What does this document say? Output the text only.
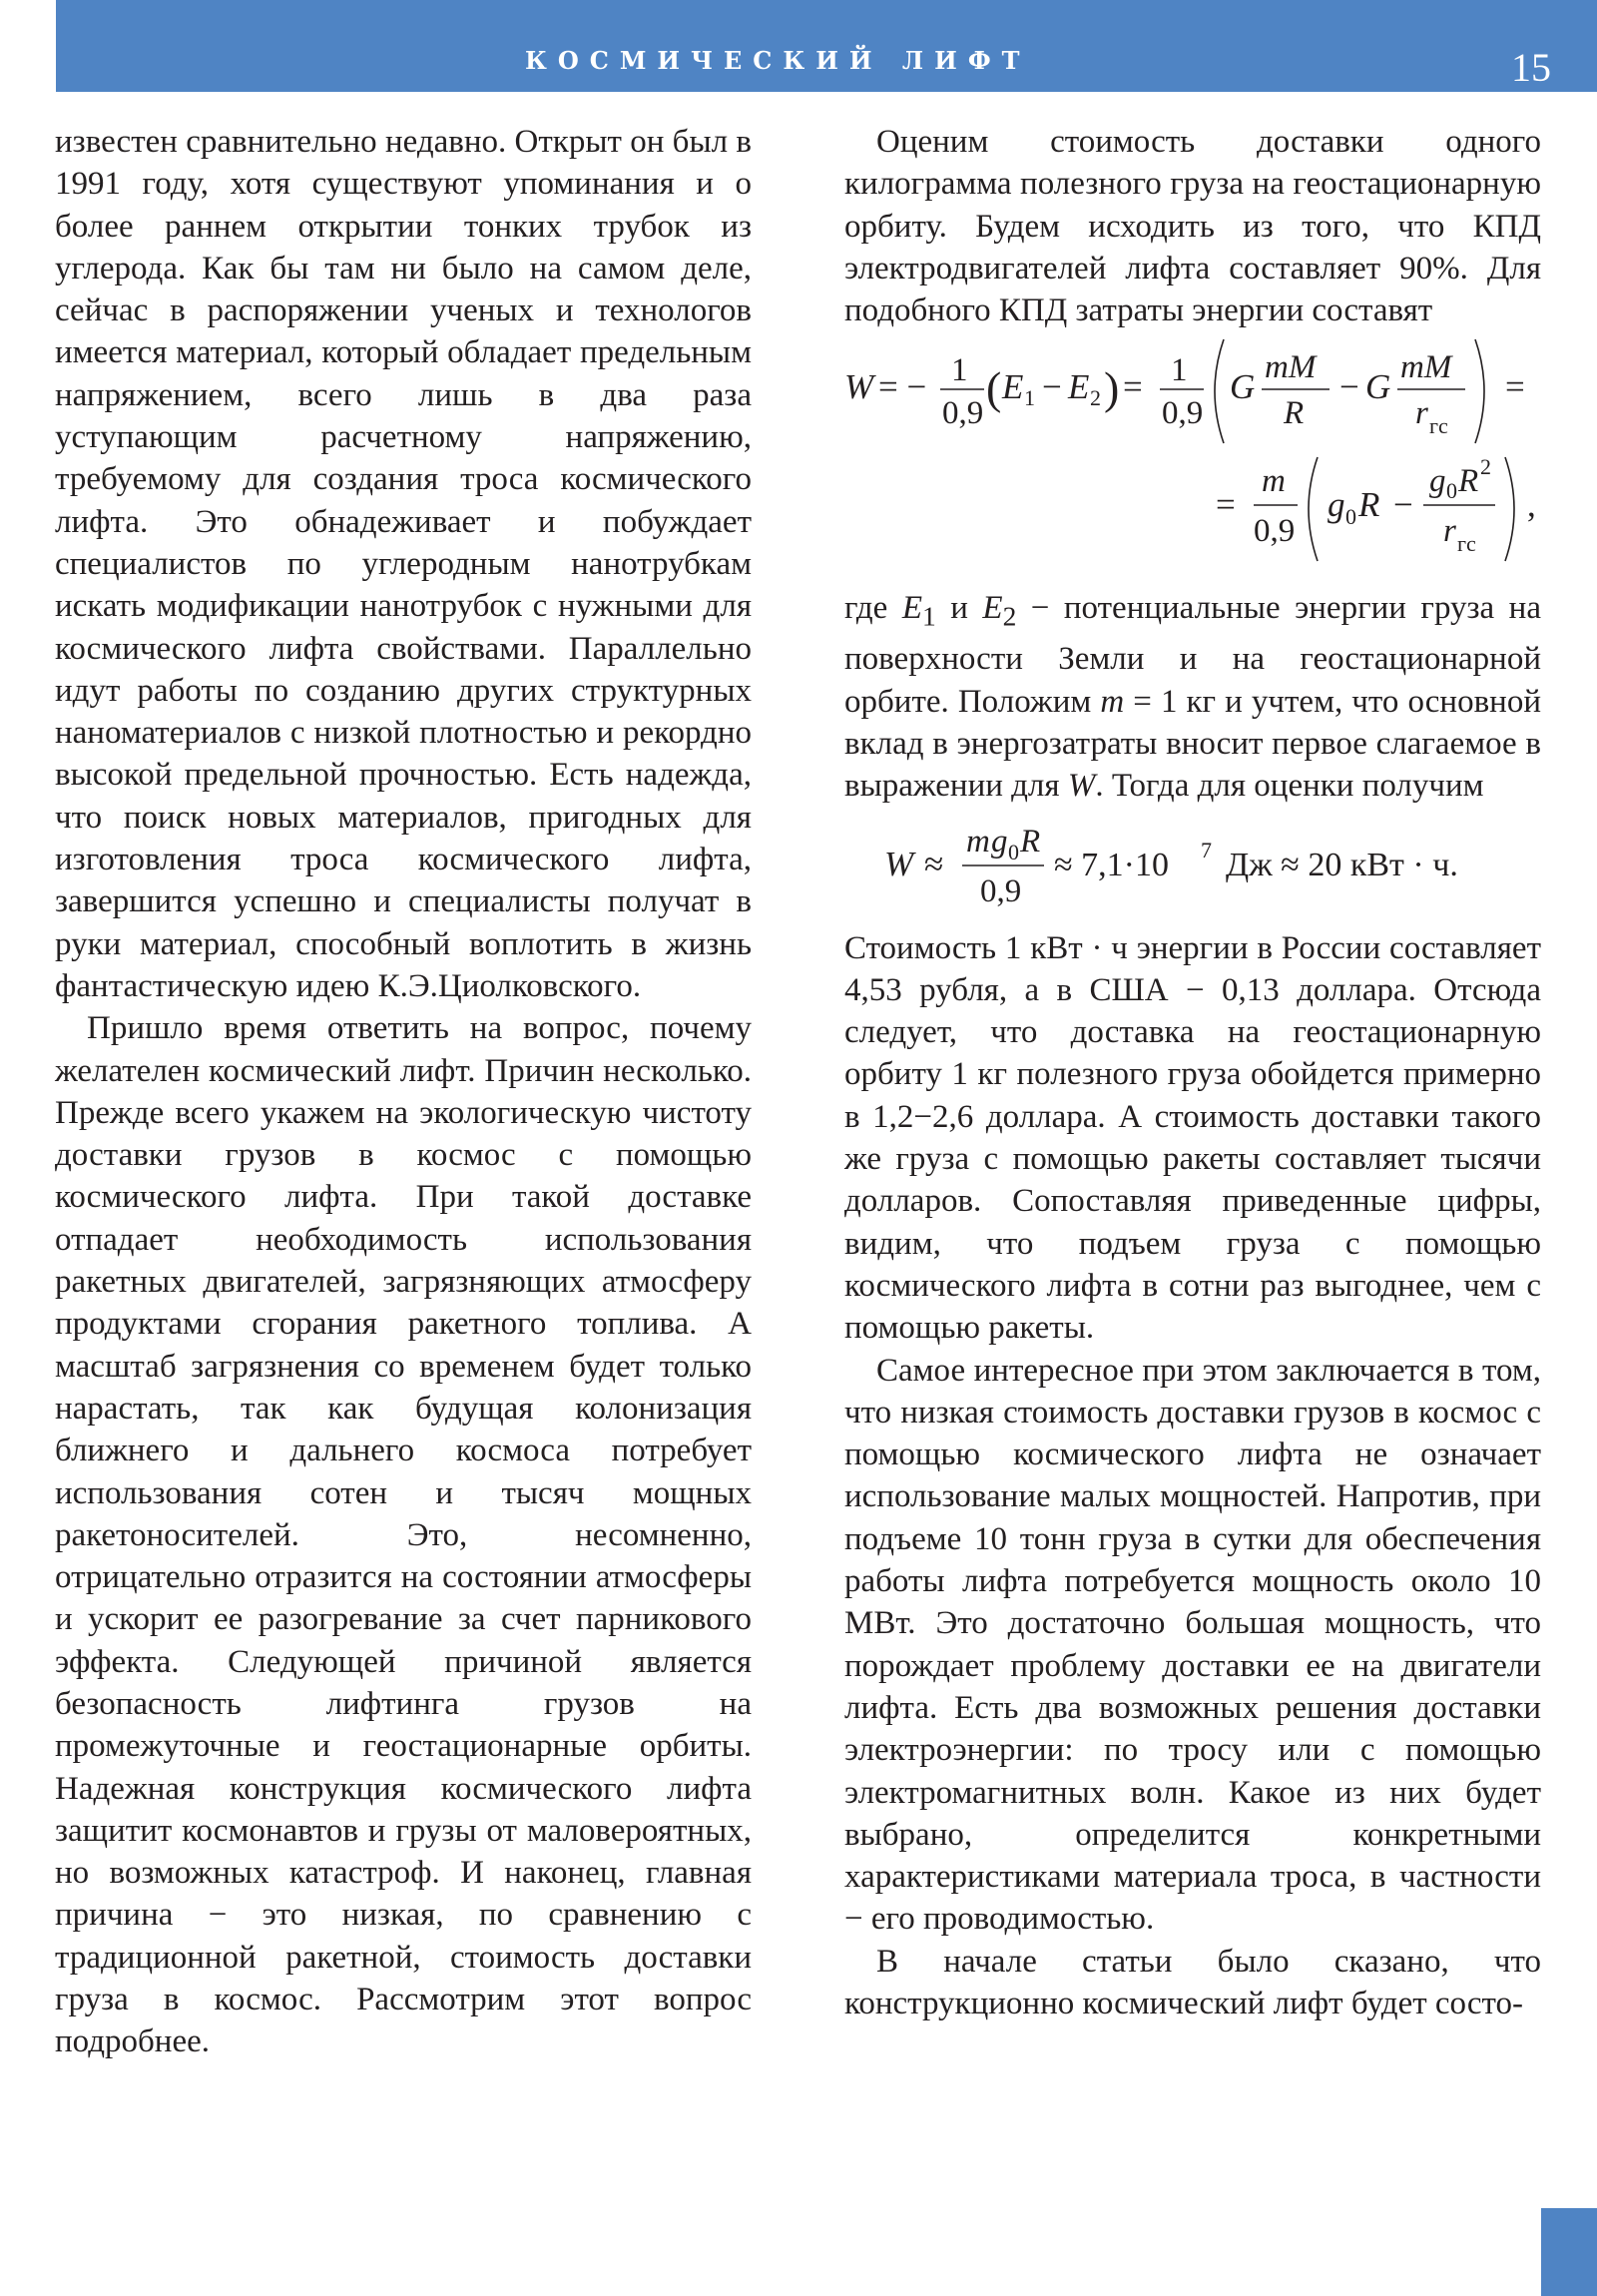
КОСМИЧЕСКИЙ ЛИФТ	15

известен сравнительно недавно. Открыт он был в 1991 году, хотя существуют упоминания и о более раннем открытии тонких трубок из углерода. Как бы там ни было на самом деле, сейчас в распоряжении ученых и технологов имеется материал, который обладает предельным напряжением, всего лишь в два раза уступающим расчетному напряжению, требуемому для создания троса космического лифта. Это обнадеживает и побуждает специалистов по углеродным нанотрубкам искать модификации нанотрубок с нужными для космического лифта свойствами. Параллельно идут работы по созданию других структурных наноматериалов с низкой плотностью и рекордно высокой предельной прочностью. Есть надежда, что поиск новых материалов, пригодных для изготовления троса космического лифта, завершится успешно и специалисты получат в руки материал, способный воплотить в жизнь фантастическую идею К.Э.Циолковского.

Пришло время ответить на вопрос, почему желателен космический лифт. Причин несколько. Прежде всего укажем на экологическую чистоту доставки грузов в космос с помощью космического лифта. При такой доставке отпадает необходимость использования ракетных двигателей, загрязняющих атмосферу продуктами сгорания ракетного топлива. А масштаб загрязнения со временем будет только нарастать, так как будущая колонизация ближнего и дальнего космоса потребует использования сотен и тысяч мощных ракетоносителей. Это, несомненно, отрицательно отразится на состоянии атмосферы и ускорит ее разогревание за счет парникового эффекта. Следующей причиной является безопасность лифтинга грузов на промежуточные и геостационарные орбиты. Надежная конструкция космического лифта защитит космонавтов и грузы от маловероятных, но возможных катастроф. И наконец, главная причина − это низкая, по сравнению с традиционной ракетной, стоимость доставки груза в космос. Рассмотрим этот вопрос подробнее.

Оценим стоимость доставки одного килограмма полезного груза на геостационарную орбиту. Будем исходить из того, что КПД электродвигателей лифта составляет 90%. Для подобного КПД затраты энергии составят

W = − 1
0,9 ( E 1 − E 2 ) = 1
0,9
G mM
R
− G mM
r гс
=
=
m
0,9
g 0 R −
g 0 R 2
r гс
,

где $E_1$ и $E_2$ − потенциальные энергии груза на поверхности Земли и на геостационарной орбите. Положим m = 1 кг и учтем, что основной вклад в энергозатраты вносит первое слагаемое в выражении для W. Тогда для оценки получим

W ≈
m g 0 R
0,9
≈ 7,1·10 7 Дж ≈ 20 кВт · ч.

Стоимость 1 кВт · ч энергии в России составляет 4,53 рубля, а в США − 0,13 доллара. Отсюда следует, что доставка на геостационарную орбиту 1 кг полезного груза обойдется примерно в 1,2−2,6 доллара. А стоимость доставки такого же груза с помощью ракеты составляет тысячи долларов. Сопоставляя приведенные цифры, видим, что подъем груза с помощью космического лифта в сотни раз выгоднее, чем с помощью ракеты.

Самое интересное при этом заключается в том, что низкая стоимость доставки грузов в космос с помощью космического лифта не означает использование малых мощностей. Напротив, при подъеме 10 тонн груза в сутки для обеспечения работы лифта потребуется мощность около 10 МВт. Это достаточно большая мощность, что порождает проблему доставки ее на двигатели лифта. Есть два возможных решения доставки электроэнергии: по тросу или с помощью электромагнитных волн. Какое из них будет выбрано, определится конкретными характеристиками материала троса, в частности − его проводимостью.

В начале статьи было сказано, что конструкционно космический лифт будет состо-
